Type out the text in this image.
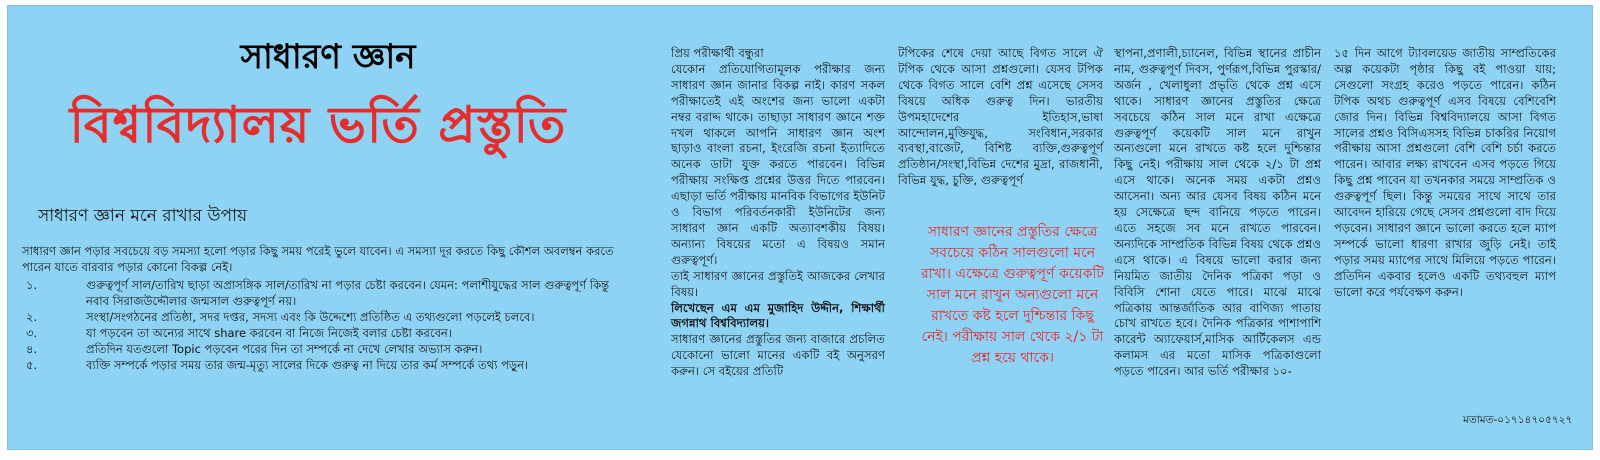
সাধারণ জ্ঞান
বিশ্ববিদ্যালয় ভর্তি প্রস্তুতি
সাধারণ জ্ঞান মনে রাখার উপায়
সাধারণ জ্ঞান পড়ার সবচেয়ে বড় সমস্যা হলো পড়ার কিছু সময় পরেই ভুলে যাবেন। এ সমস্যা দূর করতে কিছু কৌশল অবলম্বন করতে পারেন যাতে বারবার পড়ার কোনো বিকল্প নেই।
১.	গুরুত্বপূর্ণ সাল/তারিখ ছাড়া অপ্রাসঙ্গিক সাল/তারিখ না পড়ার চেষ্টা করবেন। যেমন: পলাশীযুদ্ধের সাল গুরুত্বপূর্ণ কিন্তু নবাব সিরাজউদ্দৌলার জন্মসাল গুরুত্বপূর্ণ নয়।
২.	সংস্থা/সংগঠনের প্রতিষ্ঠা, সদর দপ্তর, সদস্য এবং কি উদ্দেশ্যে প্রতিষ্ঠিত এ তথ্যগুলো পড়লেই চলবে।
৩.	যা পড়বেন তা অন্যের সাথে share করবেন বা নিজে নিজেই বলার চেষ্টা করবেন।
৪.	প্রতিদিন যতগুলো Topic পড়বেন পরের দিন তা সম্পর্কে না দেখে লেখার অভ্যাস করুন।
৫.	ব্যক্তি সম্পর্কে পড়ার সময় তার জন্ম-মৃত্যু সালের দিকে গুরুত্ব না দিয়ে তার কর্ম সম্পর্কে তথ্য পড়ুন।

প্রিয় পরীক্ষার্থী বন্ধুরা

যেকোন প্রতিযোগিতামূলক পরীক্ষার জন্য সাধারণ জ্ঞান জানার বিকল্প নাই। কারণ সকল পরীক্ষাতেই এই অংশের জন্য ভালো একটা নম্বর বরাদ্দ থাকে। তাছাড়া সাধারণ জ্ঞানে শক্ত দখল থাকলে আপনি সাধারণ জ্ঞান অংশ ছাড়াও বাংলা রচনা, ইংরেজি রচনা ইত্যাদিতে অনেক ডাটা যুক্ত করতে পারবেন। বিভিন্ন পরীক্ষায় সংক্ষিপ্ত প্রশ্নের উত্তর দিতে পারবেন। এছাড়া ভর্তি পরীক্ষায় মানবিক বিভাগের ইউনিট ও বিভাগ পরিবর্তনকারী ইউনিটের জন্য সাধারণ জ্ঞান একটি অত্যাবশকীয় বিষয়। অন্যান্য বিষয়ের মতো এ বিষয়ও সমান গুরুত্বপূর্ণ।

তাই সাধারণ জ্ঞানের প্রস্তুতিই আজকের লেখার বিষয়।

লিখেছেন এম এম মুজাহিদ উদ্দীন, শিক্ষার্থী জগন্নাথ বিশ্ববিদ্যালয়।

সাধারণ জ্ঞানের প্রস্তুতির জন্য বাজারে প্রচলিত যেকোনো ভালো মানের একটি বই অনুসরণ করুন। সে বইয়ের প্রতিটি

টপিকের শেষে দেয়া আছে বিগত সালে ঐ টপিক থেকে আসা প্রশ্নগুলো। যেসব টপিক থেকে বিগত সালে বেশি প্রশ্ন এসেছে সেসব বিষয়ে অধিক গুরুত্ব দিন। ভারতীয় উপমহাদেশের ইতিহাস,ভাষা আন্দোলন,মুক্তিযুদ্ধ, সংবিধান,সরকার ব্যবস্থা,বাজেট, বিশিষ্ট ব্যক্তি,গুরুত্বপূর্ণ প্রতিষ্ঠান/সংস্থা,বিভিন্ন দেশের মুদ্রা, রাজধানী, বিভিন্ন যুদ্ধ, চুক্তি, গুরুত্বপূর্ণ

সাধারণ জ্ঞানের প্রস্তুতির ক্ষেত্রে সবচেয়ে কঠিন সালগুলো মনে রাখা। এক্ষেত্রে গুরুত্বপূর্ণ কয়েকটি সাল মনে রাখুন অন্যগুলো মনে রাখতে কষ্ট হলে দুশ্চিন্তার কিছু নেই। পরীক্ষায় সাল থেকে ২/১ টা প্রশ্ন হয়ে থাকে।

স্থাপনা,প্রণালী,চ্যানেল, বিভিন্ন স্থানের প্রাচীন নাম, গুরুত্বপূর্ণ দিবস, পুর্ণরূপ,বিভিন্ন পুরস্কার/অর্জন , খেলাধুলা প্রভৃতি থেকে প্রশ্ন এসে থাকে। সাধারণ জ্ঞানের প্রস্তুতির ক্ষেত্রে সবচেয়ে কঠিন সাল মনে রাখা এক্ষেত্রে গুরুত্বপূর্ণ কয়েকটি সাল মনে রাখুন অন্যগুলো মনে রাখতে কষ্ট হলে দুশ্চিন্তার কিছু নেই। পরীক্ষায় সাল থেকে ২/১ টা প্রশ্ন এসে থাকে। অনেক সময় একটা প্রশ্নও আসেনা। অন্য আর যেসব বিষয় কঠিন মনে হয় সেক্ষেত্রে ছন্দ বানিয়ে পড়তে পারেন। এতে সহজে সব মনে রাখতে পারবেন। অন্যদিকে সাম্প্রতিক বিভিন্ন বিষয় থেকে প্রশ্নও এসে থাকে। এ বিষয়ে ভালো করার জন্য নিয়মিত জাতীয় দৈনিক পত্রিকা পড়া ও বিবিসি শোনা যেতে পারে। মাঝে মাঝে পত্রিকায় আন্তর্জাতিক আর বাণিজ্য পাতায় চোখ রাখতে হবে। দৈনিক পত্রিকার পাশাপাশি কারেন্ট অ্যাফেয়ার্স,মাসিক আর্টিকেলস এন্ড কলামস এর মতো মাসিক পত্রিকাগুলো পড়তে পারেন। আর ভর্তি পরীক্ষার ১০-

১৫ দিন আগে ট্যাবলয়েড জাতীয় সাম্প্রতিকের অল্প কয়েকটা পৃষ্ঠার কিছু বই পাওয়া যায়; সেগুলো সংগ্রহ করেও পড়তে পারেন। কঠিন টপিক অথচ গুরুত্বপূর্ণ এসব বিষয়ে বেশিবেশি জোর দিন। বিভিন্ন বিশ্ববিদ্যালয়ে আসা বিগত সালের প্রশ্নও বিসিএসসহ বিভিন্ন চাকরির নিয়োগ পরীক্ষায় আসা প্রশ্নগুলো বেশি বেশি চর্চা করতে পারেন। আবার লক্ষ্য রাখবেন এসব পড়তে গিয়ে কিছু প্রশ্ন পাবেন যা তখনকার সময়ে সাম্প্রতিক ও গুরুত্বপূর্ণ ছিল। কিন্তু সময়ের সাথে সাথে তার আবেদন হারিয়ে গেছে সেসব প্রশ্নগুলো বাদ দিয়ে পড়বেন। সাধারণ জ্ঞানে ভালো করতে হলে ম্যাপ সম্পর্কে ভালো ধারণা রাখার জুড়ি নেই। তাই পড়ার সময় ম্যাপের সাথে মিলিয়ে পড়তে পারেন। প্রতিদিন একবার হলেও একটি তথ্যবহুল ম্যাপ ভালো করে পর্যবেক্ষণ করুন।

মতামত-০১৭১৪৭০৫৭২৭
